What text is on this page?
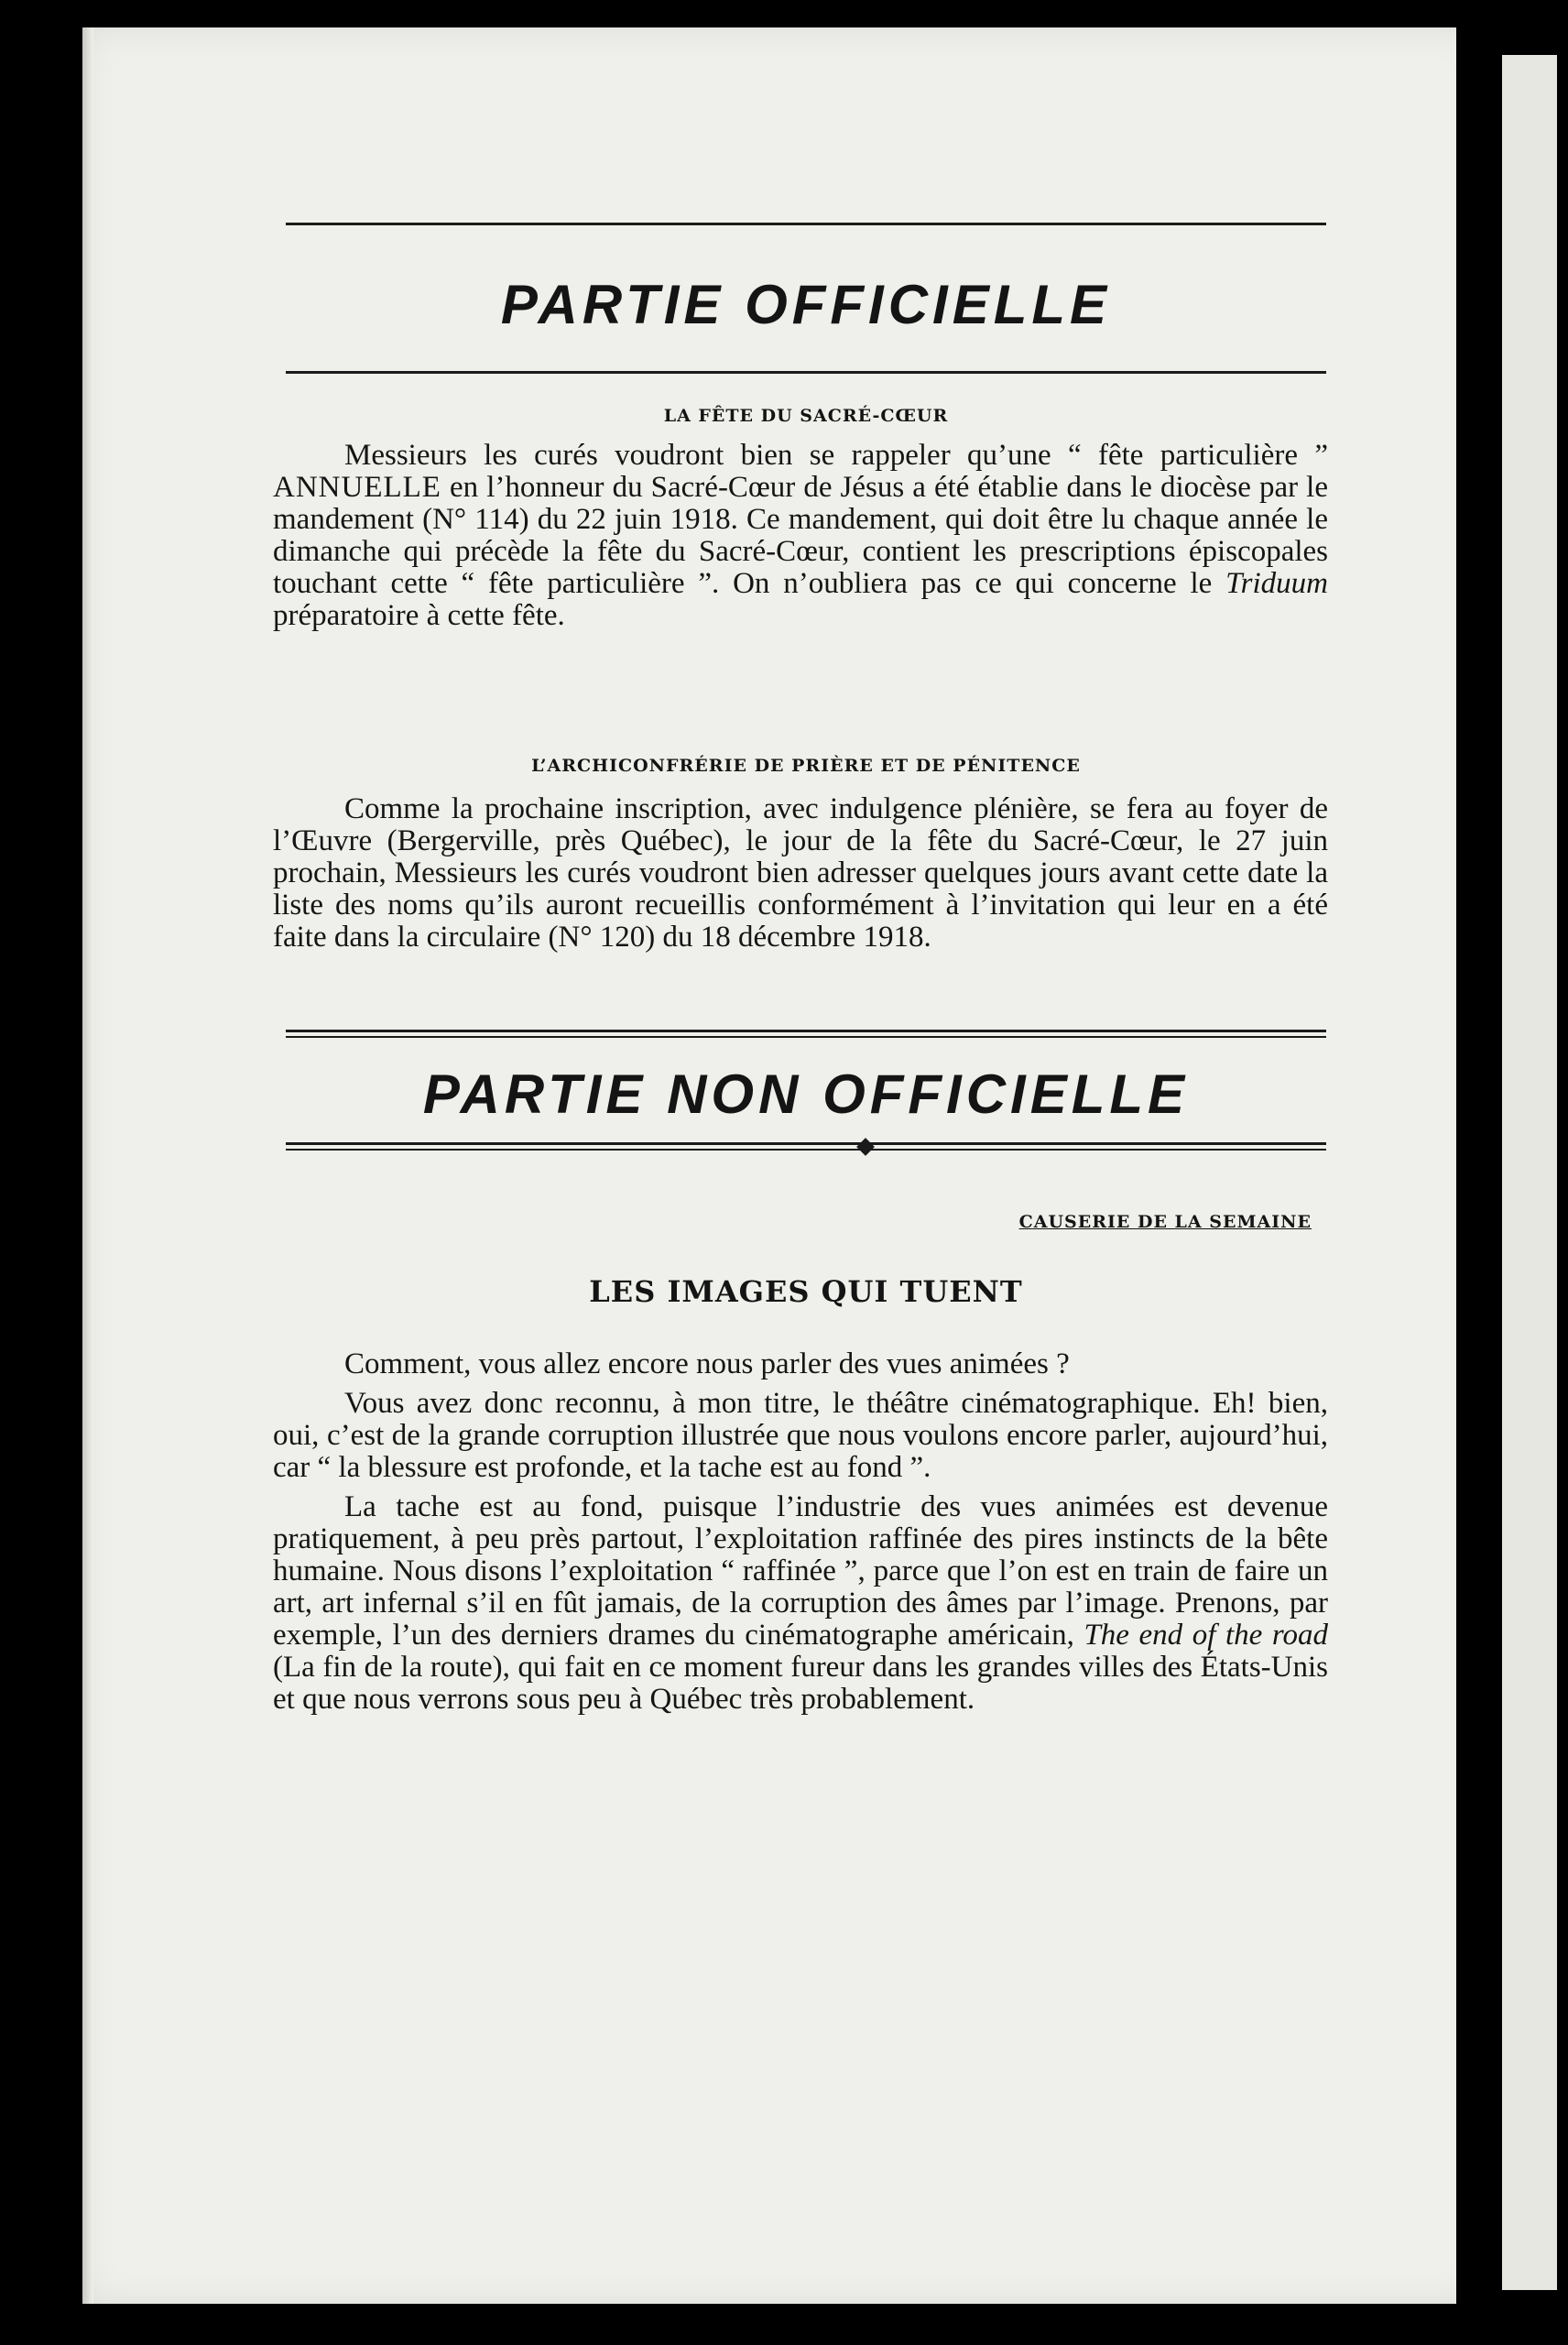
PARTIE OFFICIELLE
LA FÊTE DU SACRÉ-CŒUR

Messieurs les curés voudront bien se rappeler qu’une “ fête particulière ” ANNUELLE en l’honneur du Sacré-Cœur de Jésus a été établie dans le diocèse par le mandement (N° 114) du 22 juin 1918. Ce mandement, qui doit être lu chaque année le dimanche qui précède la fête du Sacré-Cœur, contient les prescriptions épiscopales touchant cette “ fête particulière ”. On n’oubliera pas ce qui concerne le Triduum préparatoire à cette fête.

L’ARCHICONFRÉRIE DE PRIÈRE ET DE PÉNITENCE

Comme la prochaine inscription, avec indulgence plénière, se fera au foyer de l’Œuvre (Bergerville, près Québec), le jour de la fête du Sacré-Cœur, le 27 juin prochain, Messieurs les curés voudront bien adresser quelques jours avant cette date la liste des noms qu’ils auront recueillis conformément à l’invitation qui leur en a été faite dans la circulaire (N° 120) du 18 décembre 1918.

PARTIE NON OFFICIELLE
CAUSERIE DE LA SEMAINE
LES IMAGES QUI TUENT

Comment, vous allez encore nous parler des vues animées ?

Vous avez donc reconnu, à mon titre, le théâtre cinématographique. Eh! bien, oui, c’est de la grande corruption illustrée que nous voulons encore parler, aujourd’hui, car “ la blessure est profonde, et la tache est au fond ”.

La tache est au fond, puisque l’industrie des vues animées est devenue pratiquement, à peu près partout, l’exploitation raffinée des pires instincts de la bête humaine. Nous disons l’exploitation “ raffinée ”, parce que l’on est en train de faire un art, art infernal s’il en fût jamais, de la corruption des âmes par l’image. Prenons, par exemple, l’un des derniers drames du cinématographe américain, The end of the road (La fin de la route), qui fait en ce moment fureur dans les grandes villes des États-Unis et que nous verrons sous peu à Québec très probablement.
